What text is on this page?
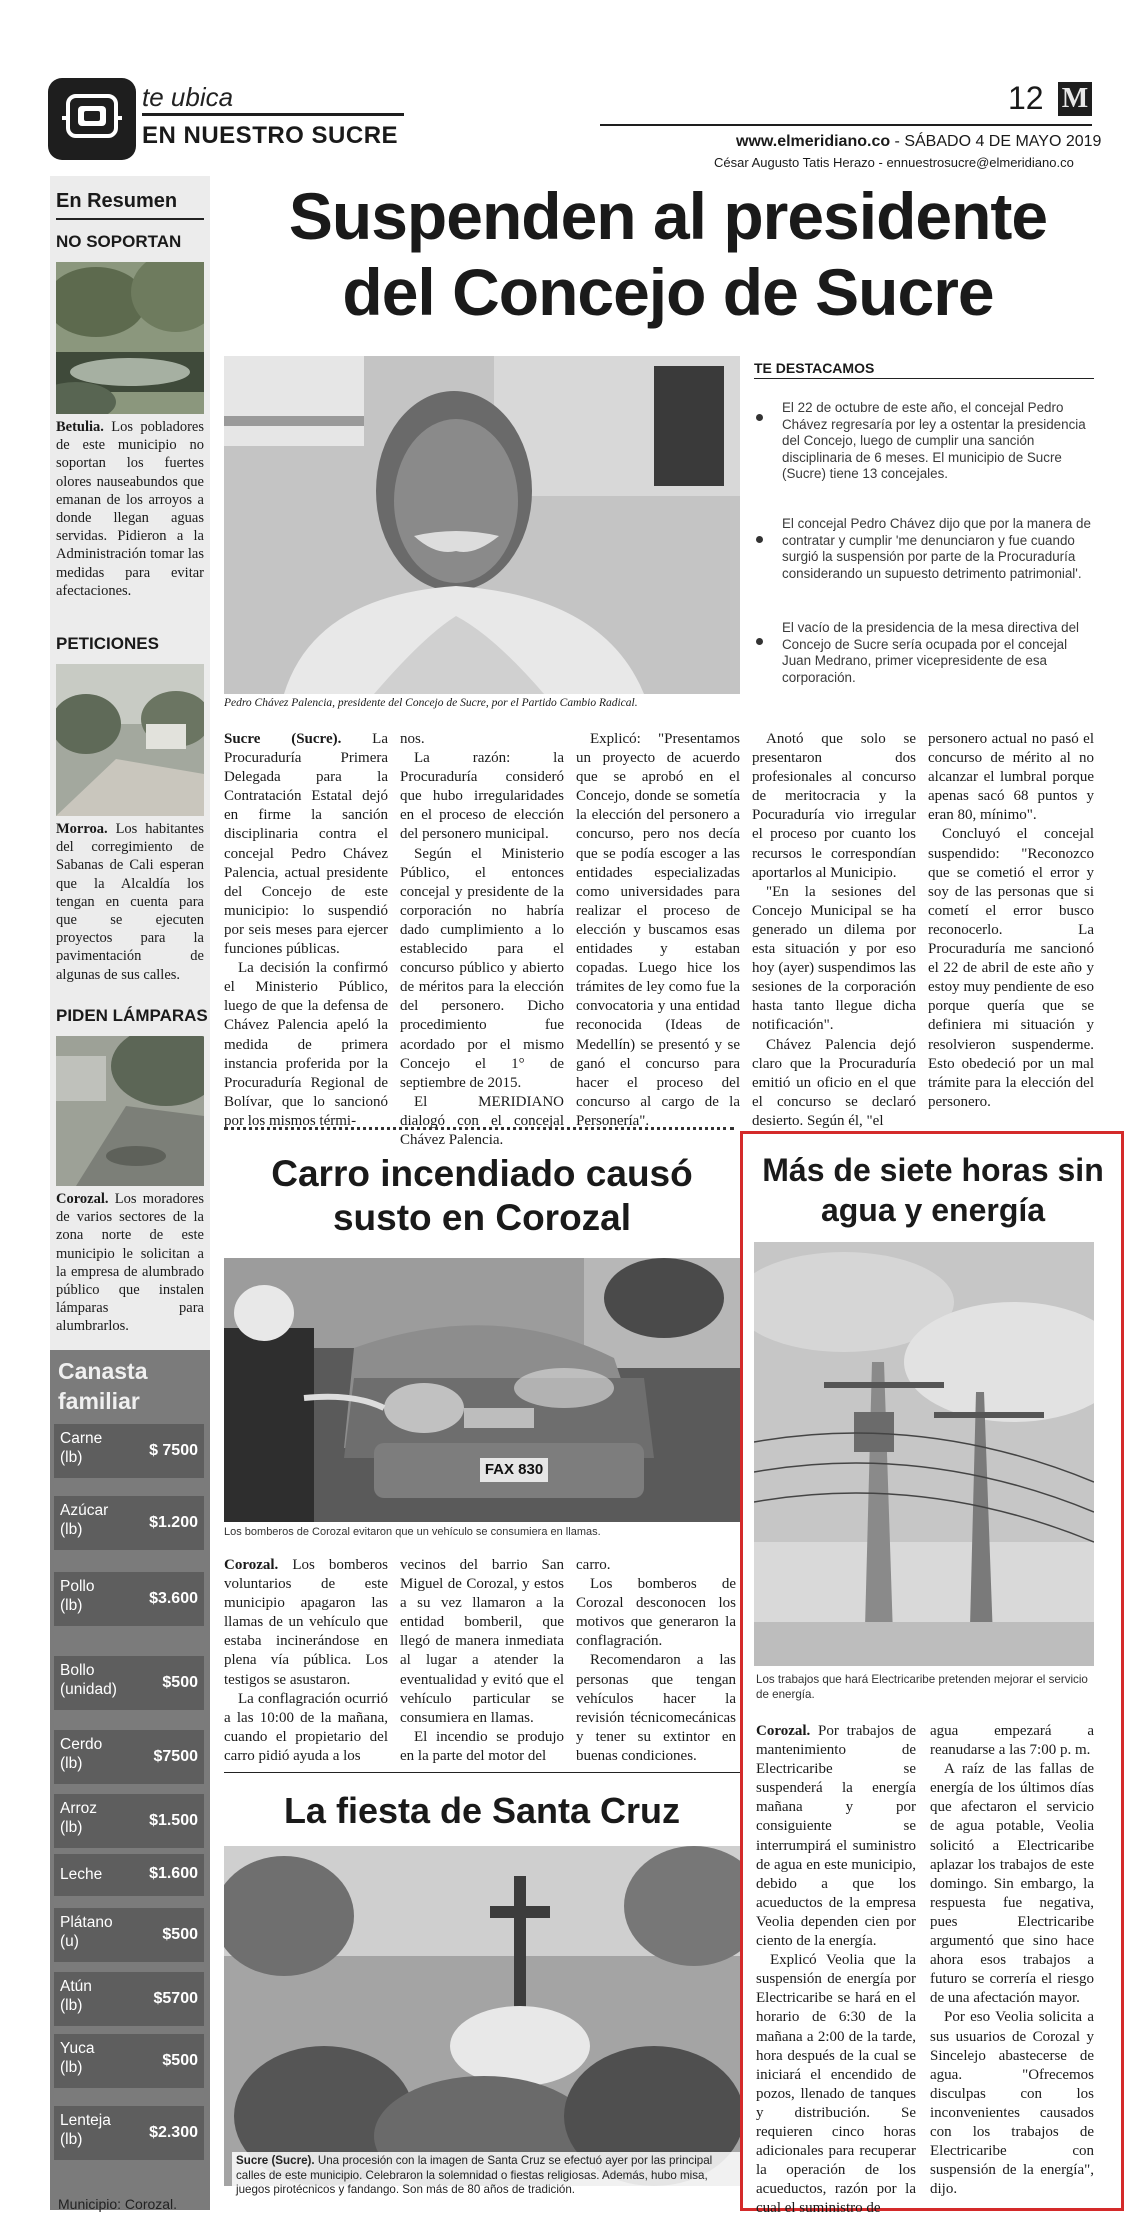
te ubica
EN NUESTRO SUCRE
12 M
www.elmeridiano.co - SÁBADO 4 DE MAYO 2019
César Augusto Tatis Herazo - ennuestrosucre@elmeridiano.co
En Resumen
NO SOPORTAN
Betulia. Los pobladores de este municipio no soportan los fuertes olores nauseabundos que emanan de los arroyos a donde llegan aguas servidas. Pidieron a la Administración tomar las medidas para evitar afectaciones.
PETICIONES
Morroa. Los habitantes del corregimiento de Sabanas de Cali esperan que la Alcaldía los tengan en cuenta para que se ejecuten proyectos para la pavimentación de algunas de sus calles.
PIDEN LÁMPARAS
Corozal. Los moradores de varios sectores de la zona norte de este municipio le solicitan a la empresa de alumbrado público que instalen lámparas para alumbrarlos.
Canasta familiar
Carne
(lb)	$ 7500
Azúcar
(lb)	$1.200
Pollo
(lb)	$3.600
Bollo
(unidad)	$500
Cerdo
(lb)	$7500
Arroz
(lb)	$1.500
Leche	$1.600
Plátano
(u)	$500
Atún
(lb)	$5700
Yuca
(lb)	$500
Lenteja
(lb)	$2.300
Municipio: Corozal.
Suspenden al presidente
del Concejo de Sucre
Pedro Chávez Palencia, presidente del Concejo de Sucre, por el Partido Cambio Radical.
TE DESTACAMOS
El 22 de octubre de este año, el concejal Pedro Chávez regresaría por ley a ostentar la presidencia del Concejo, luego de cumplir una sanción disciplinaria de 6 meses. El municipio de Sucre (Sucre) tiene 13 concejales.
El concejal Pedro Chávez dijo que por la manera de contratar y cumplir 'me denunciaron y fue cuando surgió la suspensión por parte de la Procuraduría considerando un supuesto detrimento patrimonial'.
El vacío de la presidencia de la mesa directiva del Concejo de Sucre sería ocupada por el concejal Juan Medrano, primer vicepresidente de esa corporación.

Sucre (Sucre). La Procuraduría Primera Delegada para la Contratación Estatal dejó en firme la sanción disciplinaria contra el concejal Pedro Chávez Palencia, actual presidente del Concejo de este municipio: lo suspendió por seis meses para ejercer funciones públicas.

La decisión la confirmó el Ministerio Público, luego de que la defensa de Chávez Palencia apeló la medida de primera instancia proferida por la Procuraduría Regional de Bolívar, que lo sancionó por los mismos térmi-

nos.

La razón: la Procuraduría consideró que hubo irregularidades en el proceso de elección del personero municipal.

Según el Ministerio Público, el entonces concejal y presidente de la corporación no habría dado cumplimiento a lo establecido para el concurso público y abierto de méritos para la elección del personero. Dicho procedimiento fue acordado por el mismo Concejo el 1° de septiembre de 2015.

El MERIDIANO dialogó con el concejal Chávez Palencia.

Explicó: "Presentamos un proyecto de acuerdo que se aprobó en el Concejo, donde se sometía la elección del personero a concurso, pero nos decía que se podía escoger a las entidades especializadas como universidades para realizar el proceso de elección y buscamos esas entidades y estaban copadas. Luego hice los trámites de ley como fue la convocatoria y una entidad reconocida (Ideas de Medellín) se presentó y se ganó el concurso para hacer el proceso del concurso al cargo de la Personería".

Anotó que solo se presentaron dos profesionales al concurso de meritocracia y la Pocuraduría vio irregular el proceso por cuanto los recursos le correspondían aportarlos al Municipio.

"En la sesiones del Concejo Municipal se ha generado un dilema por esta situación y por eso hoy (ayer) suspendimos las sesiones de la corporación hasta tanto llegue dicha notificación".

Chávez Palencia dejó claro que la Procuraduría emitió un oficio en el que el concurso se declaró desierto. Según él, "el

personero actual no pasó el concurso de mérito al no alcanzar el lumbral porque apenas sacó 68 puntos y eran 80, mínimo".

Concluyó el concejal suspendido: "Reconozco que se cometió el error y soy de las personas que si cometí el error busco reconocerlo. La Procuraduría me sancionó el 22 de abril de este año y estoy muy pendiente de eso porque quería que se definiera mi situación y resolvieron suspenderme. Esto obedeció por un mal trámite para la elección del personero.

Carro incendiado causó susto en Corozal
FAX 830
Los bomberos de Corozal evitaron que un vehículo se consumiera en llamas.

Corozal. Los bomberos voluntarios de este municipio apagaron las llamas de un vehículo que estaba incinerándose en plena vía pública. Los testigos se asustaron.

La conflagración ocurrió a las 10:00 de la mañana, cuando el propietario del carro pidió ayuda a los

vecinos del barrio San Miguel de Corozal, y estos a su vez llamaron a la entidad bomberil, que llegó de manera inmediata al lugar a atender la eventualidad y evitó que el vehículo particular se consumiera en llamas.

El incendio se produjo en la parte del motor del

carro.

Los bomberos de Corozal desconocen los motivos que generaron la conflagración.

Recomendaron a las personas que tengan vehículos hacer la revisión técnicomecánicas y tener su extintor en buenas condiciones.

La fiesta de Santa Cruz
Sucre (Sucre). Una procesión con la imagen de Santa Cruz se efectuó ayer por las principal calles de este municipio. Celebraron la solemnidad o fiestas religiosas. Además, hubo misa, juegos pirotécnicos y fandango. Son más de 80 años de tradición.
Más de siete horas sin agua y energía
Los trabajos que hará Electricaribe pretenden mejorar el servicio de energía.

Corozal. Por trabajos de mantenimiento de Electricaribe se suspenderá la energía mañana y por consiguiente se interrumpirá el suministro de agua en este municipio, debido a que los acueductos de la empresa Veolia dependen cien por ciento de la energía.

Explicó Veolia que la suspensión de energía por Electricaribe se hará en el horario de 6:30 de la mañana a 2:00 de la tarde, hora después de la cual se iniciará el encendido de pozos, llenado de tanques y distribución. Se requieren cinco horas adicionales para recuperar la operación de los acueductos, razón por la cual el suministro de

agua empezará a reanudarse a las 7:00 p. m.

A raíz de las fallas de energía de los últimos días que afectaron el servicio de agua potable, Veolia solicitó a Electricaribe aplazar los trabajos de este domingo. Sin embargo, la respuesta fue negativa, pues Electricaribe argumentó que sino hace ahora esos trabajos a futuro se correría el riesgo de una afectación mayor.

Por eso Veolia solicita a sus usuarios de Corozal y Sincelejo abastecerse de agua. "Ofrecemos disculpas con los inconvenientes causados con los trabajos de Electricaribe con suspensión de la energía", dijo.
